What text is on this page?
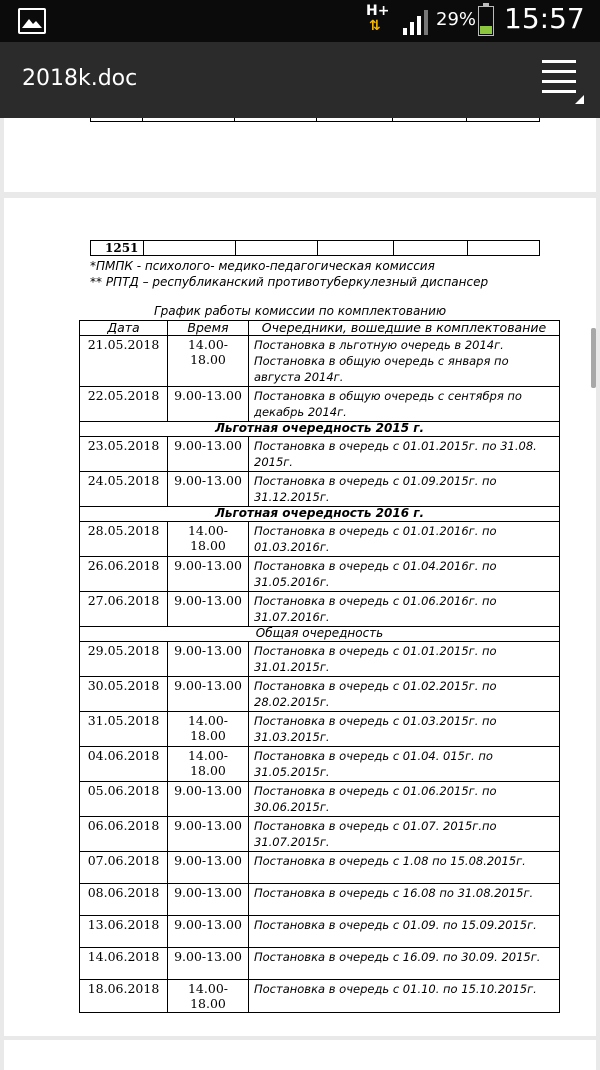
H+
⇅	29% 15:57
2018k.doc
1251
*ПМПК - психолого- медико-педагогическая комиссия
** РПТД – республиканский противотуберкулезный диспансер
График работы комиссии по комплектованию
Дата	Время	Очередники, вошедшие в комплектование
21.05.2018	14.00-18.00	Постановка в льготную очередь в 2014г. Постановка в общую очередь с января по августа 2014г.
22.05.2018	9.00-13.00	Постановка в общую очередь с сентября по декабрь 2014г.
Льготная очередность 2015 г.		
23.05.2018	9.00-13.00	Постановка в очередь с 01.01.2015г. по 31.08. 2015г.
24.05.2018	9.00-13.00	Постановка в очередь с 01.09.2015г. по 31.12.2015г.
Льготная очередность 2016 г.		
28.05.2018	14.00-18.00	Постановка в очередь с 01.01.2016г. по 01.03.2016г.
26.06.2018	9.00-13.00	Постановка в очередь с 01.04.2016г. по 31.05.2016г.
27.06.2018	9.00-13.00	Постановка в очередь с 01.06.2016г. по 31.07.2016г.
Общая очередность		
29.05.2018	9.00-13.00	Постановка в очередь с 01.01.2015г. по 31.01.2015г.
30.05.2018	9.00-13.00	Постановка в очередь с 01.02.2015г. по 28.02.2015г.
31.05.2018	14.00-18.00	Постановка в очередь с 01.03.2015г. по 31.03.2015г.
04.06.2018	14.00-18.00	Постановка в очередь с 01.04. 015г. по 31.05.2015г.
05.06.2018	9.00-13.00	Постановка в очередь с 01.06.2015г. по 30.06.2015г.
06.06.2018	9.00-13.00	Постановка в очередь с 01.07. 2015г.по 31.07.2015г.
07.06.2018	9.00-13.00	Постановка в очередь с 1.08 по 15.08.2015г.
08.06.2018	9.00-13.00	Постановка в очередь с 16.08 по 31.08.2015г.
13.06.2018	9.00-13.00	Постановка в очередь с 01.09. по 15.09.2015г.
14.06.2018	9.00-13.00	Постановка в очередь с 16.09. по 30.09. 2015г.
18.06.2018	14.00-18.00	Постановка в очередь с 01.10. по 15.10.2015г.
